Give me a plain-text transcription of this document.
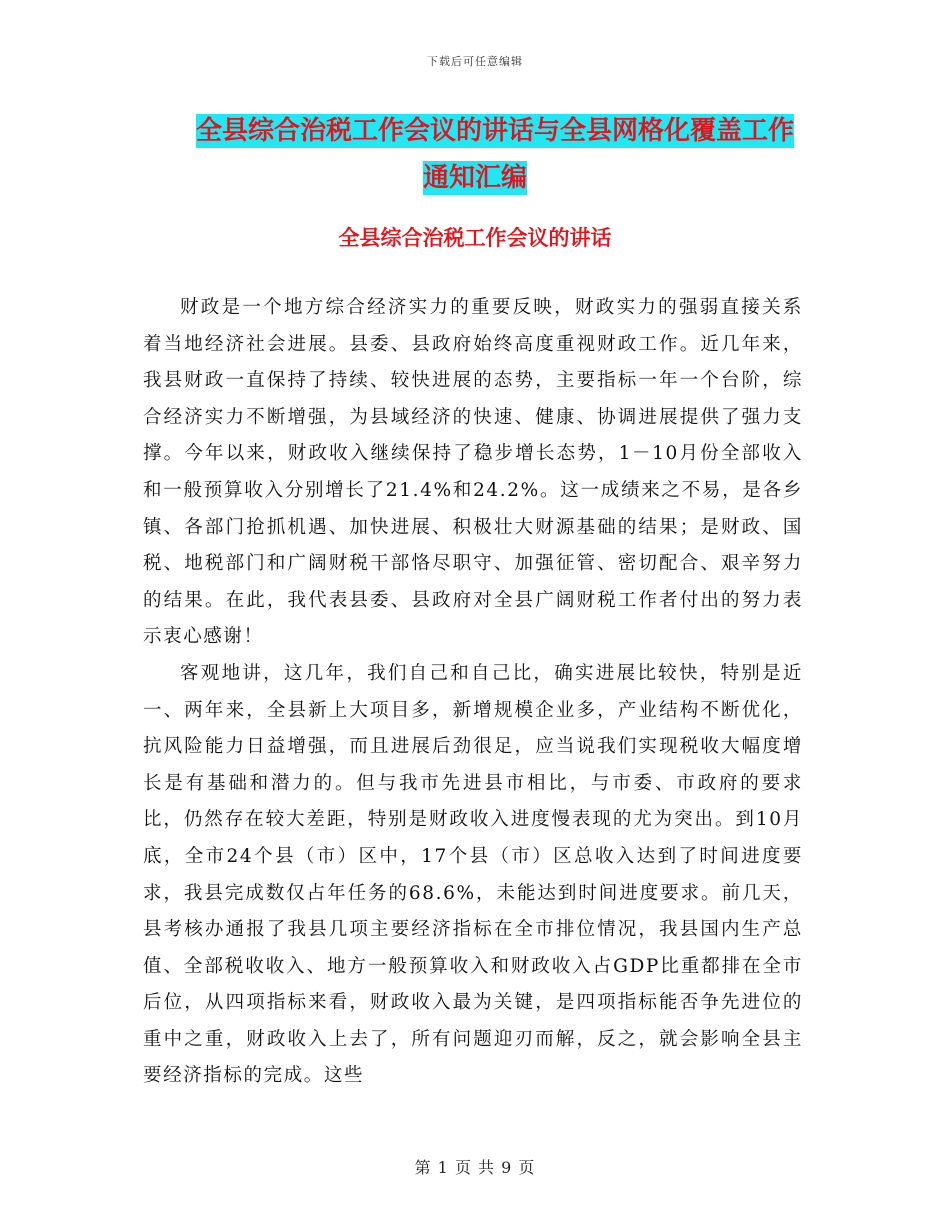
下载后可任意编辑
全县综合治税工作会议的讲话与全县网格化覆盖工作
通知汇编
全县综合治税工作会议的讲话

财政是一个地方综合经济实力的重要反映，财政实力的强弱直接关系着当地经济社会进展。县委、县政府始终高度重视财政工作。近几年来，我县财政一直保持了持续、较快进展的态势，主要指标一年一个台阶，综合经济实力不断增强，为县域经济的快速、健康、协调进展提供了强力支撑。今年以来，财政收入继续保持了稳步增长态势，1－10月份全部收入和一般预算收入分别增长了21.4%和24.2%。这一成绩来之不易，是各乡镇、各部门抢抓机遇、加快进展、积极壮大财源基础的结果；是财政、国税、地税部门和广阔财税干部恪尽职守、加强征管、密切配合、艰辛努力的结果。在此，我代表县委、县政府对全县广阔财税工作者付出的努力表示衷心感谢！

客观地讲，这几年，我们自己和自己比，确实进展比较快，特别是近一、两年来，全县新上大项目多，新增规模企业多，产业结构不断优化，抗风险能力日益增强，而且进展后劲很足，应当说我们实现税收大幅度增长是有基础和潜力的。但与我市先进县市相比，与市委、市政府的要求比，仍然存在较大差距，特别是财政收入进度慢表现的尤为突出。到10月底，全市24个县（市）区中，17个县（市）区总收入达到了时间进度要求，我县完成数仅占年任务的68.6%，未能达到时间进度要求。前几天，县考核办通报了我县几项主要经济指标在全市排位情况，我县国内生产总值、全部税收收入、地方一般预算收入和财政收入占GDP比重都排在全市后位，从四项指标来看，财政收入最为关键，是四项指标能否争先进位的重中之重，财政收入上去了，所有问题迎刃而解，反之，就会影响全县主要经济指标的完成。这些

第 1 页 共 9 页
